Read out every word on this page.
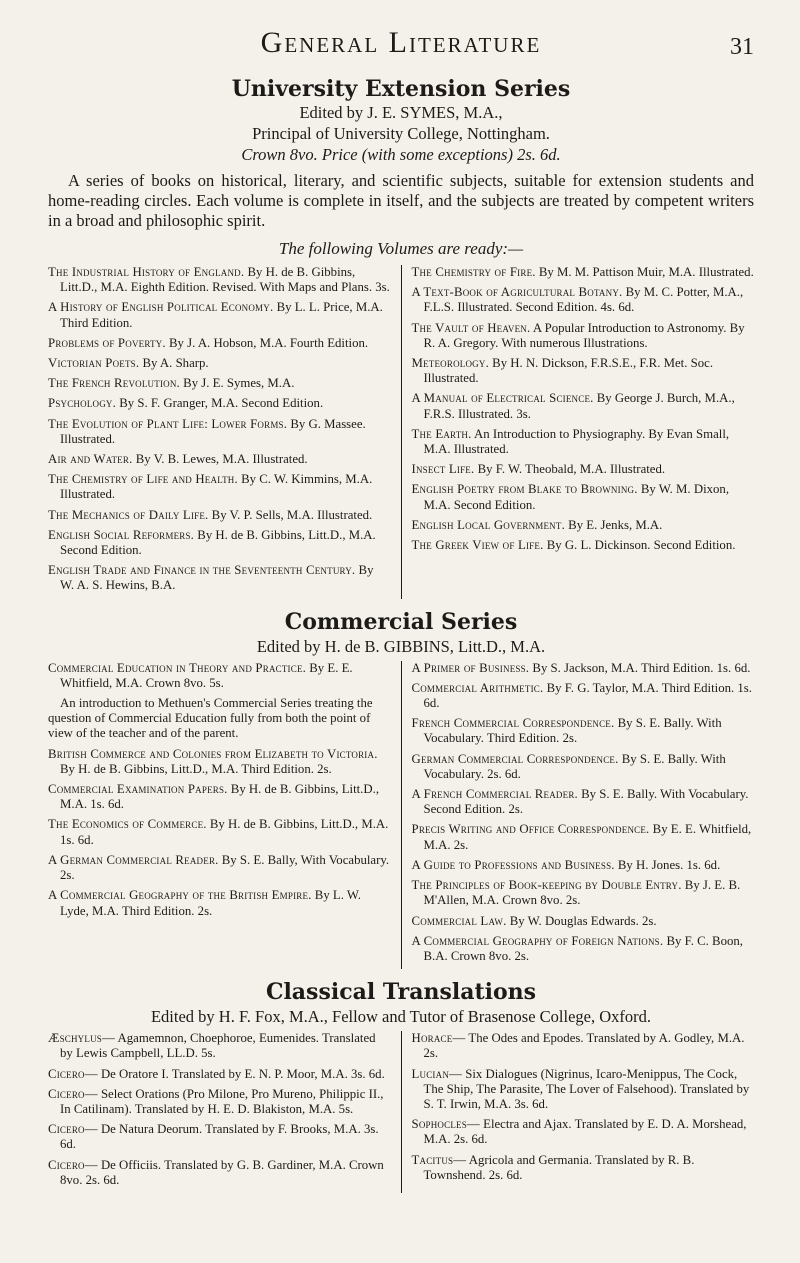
General Literature	31
University Extension Series
Edited by J. E. SYMES, M.A.,
Principal of University College, Nottingham.
Crown 8vo. Price (with some exceptions) 2s. 6d.
A series of books on historical, literary, and scientific subjects, suitable for extension students and home-reading circles. Each volume is complete in itself, and the subjects are treated by competent writers in a broad and philosophic spirit.
The following Volumes are ready:—
The Industrial History of England. By H. de B. Gibbins, Litt.D., M.A. Eighth Edition. Revised. With Maps and Plans. 3s.
A History of English Political Economy. By L. L. Price, M.A. Third Edition.
Problems of Poverty. By J. A. Hobson, M.A. Fourth Edition.
Victorian Poets. By A. Sharp.
The French Revolution. By J. E. Symes, M.A.
Psychology. By S. F. Granger, M.A. Second Edition.
The Evolution of Plant Life: Lower Forms. By G. Massee. Illustrated.
Air and Water. By V. B. Lewes, M.A. Illustrated.
The Chemistry of Life and Health. By C. W. Kimmins, M.A. Illustrated.
The Mechanics of Daily Life. By V. P. Sells, M.A. Illustrated.
English Social Reformers. By H. de B. Gibbins, Litt.D., M.A. Second Edition.
English Trade and Finance in the Seventeenth Century. By W. A. S. Hewins, B.A.
The Chemistry of Fire. By M. M. Pattison Muir, M.A. Illustrated.
A Text-Book of Agricultural Botany. By M. C. Potter, M.A., F.L.S. Illustrated. Second Edition. 4s. 6d.
The Vault of Heaven. A Popular Introduction to Astronomy. By R. A. Gregory. With numerous Illustrations.
Meteorology. By H. N. Dickson, F.R.S.E., F.R. Met. Soc. Illustrated.
A Manual of Electrical Science. By George J. Burch, M.A., F.R.S. Illustrated. 3s.
The Earth. An Introduction to Physiography. By Evan Small, M.A. Illustrated.
Insect Life. By F. W. Theobald, M.A. Illustrated.
English Poetry from Blake to Browning. By W. M. Dixon, M.A. Second Edition.
English Local Government. By E. Jenks, M.A.
The Greek View of Life. By G. L. Dickinson. Second Edition.
Commercial Series
Edited by H. de B. GIBBINS, Litt.D., M.A.
Commercial Education in Theory and Practice. By E. E. Whitfield, M.A. Crown 8vo. 5s.
An introduction to Methuen's Commercial Series treating the question of Commercial Education fully from both the point of view of the teacher and of the parent.
British Commerce and Colonies from Elizabeth to Victoria. By H. de B. Gibbins, Litt.D., M.A. Third Edition. 2s.
Commercial Examination Papers. By H. de B. Gibbins, Litt.D., M.A. 1s. 6d.
The Economics of Commerce. By H. de B. Gibbins, Litt.D., M.A. 1s. 6d.
A German Commercial Reader. By S. E. Bally, With Vocabulary. 2s.
A Commercial Geography of the British Empire. By L. W. Lyde, M.A. Third Edition. 2s.
A Primer of Business. By S. Jackson, M.A. Third Edition. 1s. 6d.
Commercial Arithmetic. By F. G. Taylor, M.A. Third Edition. 1s. 6d.
French Commercial Correspondence. By S. E. Bally. With Vocabulary. Third Edition. 2s.
German Commercial Correspondence. By S. E. Bally. With Vocabulary. 2s. 6d.
A French Commercial Reader. By S. E. Bally. With Vocabulary. Second Edition. 2s.
Precis Writing and Office Correspondence. By E. E. Whitfield, M.A. 2s.
A Guide to Professions and Business. By H. Jones. 1s. 6d.
The Principles of Book-keeping by Double Entry. By J. E. B. M'Allen, M.A. Crown 8vo. 2s.
Commercial Law. By W. Douglas Edwards. 2s.
A Commercial Geography of Foreign Nations. By F. C. Boon, B.A. Crown 8vo. 2s.
Classical Translations
Edited by H. F. Fox, M.A., Fellow and Tutor of Brasenose College, Oxford.
Æschylus— Agamemnon, Choephoroe, Eumenides. Translated by Lewis Campbell, LL.D. 5s.
Cicero— De Oratore I. Translated by E. N. P. Moor, M.A. 3s. 6d.
Cicero— Select Orations (Pro Milone, Pro Mureno, Philippic II., In Catilinam). Translated by H. E. D. Blakiston, M.A. 5s.
Cicero— De Natura Deorum. Translated by F. Brooks, M.A. 3s. 6d.
Cicero— De Officiis. Translated by G. B. Gardiner, M.A. Crown 8vo. 2s. 6d.
Horace— The Odes and Epodes. Translated by A. Godley, M.A. 2s.
Lucian— Six Dialogues (Nigrinus, Icaro-Menippus, The Cock, The Ship, The Parasite, The Lover of Falsehood). Translated by S. T. Irwin, M.A. 3s. 6d.
Sophocles— Electra and Ajax. Translated by E. D. A. Morshead, M.A. 2s. 6d.
Tacitus— Agricola and Germania. Translated by R. B. Townshend. 2s. 6d.
